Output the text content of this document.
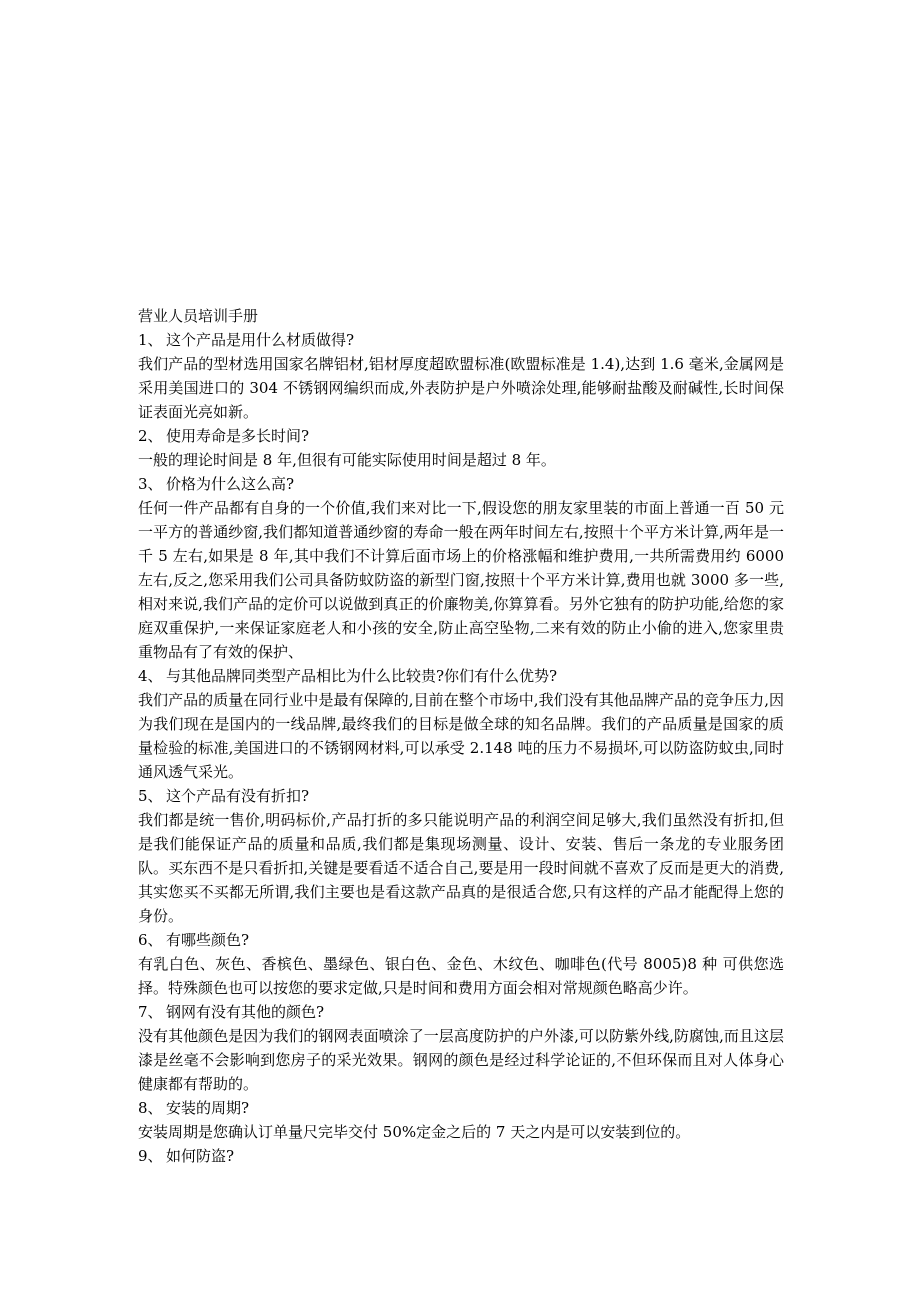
营业人员培训手册
1、 这个产品是用什么材质做得?
我们产品的型材选用国家名牌铝材,铝材厚度超欧盟标准(欧盟标准是 1.4),达到 1.6 毫米,金属网是采用美国进口的 304 不锈钢网编织而成,外表防护是户外喷涂处理,能够耐盐酸及耐碱性,长时间保证表面光亮如新。
2、 使用寿命是多长时间?
一般的理论时间是 8 年,但很有可能实际使用时间是超过 8 年。
3、 价格为什么这么高?
任何一件产品都有自身的一个价值,我们来对比一下,假设您的朋友家里装的市面上普通一百 50 元一平方的普通纱窗,我们都知道普通纱窗的寿命一般在两年时间左右,按照十个平方米计算,两年是一千 5 左右,如果是 8 年,其中我们不计算后面市场上的价格涨幅和维护费用,一共所需费用约 6000 左右,反之,您采用我们公司具备防蚊防盗的新型门窗,按照十个平方米计算,费用也就 3000 多一些,相对来说,我们产品的定价可以说做到真正的价廉物美,你算算看。另外它独有的防护功能,给您的家庭双重保护,一来保证家庭老人和小孩的安全,防止高空坠物,二来有效的防止小偷的进入,您家里贵重物品有了有效的保护、
4、 与其他品牌同类型产品相比为什么比较贵?你们有什么优势?
我们产品的质量在同行业中是最有保障的,目前在整个市场中,我们没有其他品牌产品的竞争压力,因为我们现在是国内的一线品牌,最终我们的目标是做全球的知名品牌。我们的产品质量是国家的质量检验的标准,美国进口的不锈钢网材料,可以承受 2.148 吨的压力不易损坏,可以防盗防蚊虫,同时通风透气采光。
5、 这个产品有没有折扣?
我们都是统一售价,明码标价,产品打折的多只能说明产品的利润空间足够大,我们虽然没有折扣,但是我们能保证产品的质量和品质,我们都是集现场测量、设计、安装、售后一条龙的专业服务团队。买东西不是只看折扣,关键是要看适不适合自己,要是用一段时间就不喜欢了反而是更大的消费,其实您买不买都无所谓,我们主要也是看这款产品真的是很适合您,只有这样的产品才能配得上您的身份。
6、 有哪些颜色?
有乳白色、灰色、香槟色、墨绿色、银白色、金色、木纹色、咖啡色(代号 8005)8 种 可供您选择。特殊颜色也可以按您的要求定做,只是时间和费用方面会相对常规颜色略高少许。
7、 钢网有没有其他的颜色?
没有其他颜色是因为我们的钢网表面喷涂了一层高度防护的户外漆,可以防紫外线,防腐蚀,而且这层漆是丝毫不会影响到您房子的采光效果。钢网的颜色是经过科学论证的,不但环保而且对人体身心健康都有帮助的。
8、 安装的周期?
安装周期是您确认订单量尺完毕交付 50%定金之后的 7 天之内是可以安装到位的。
9、 如何防盗?
